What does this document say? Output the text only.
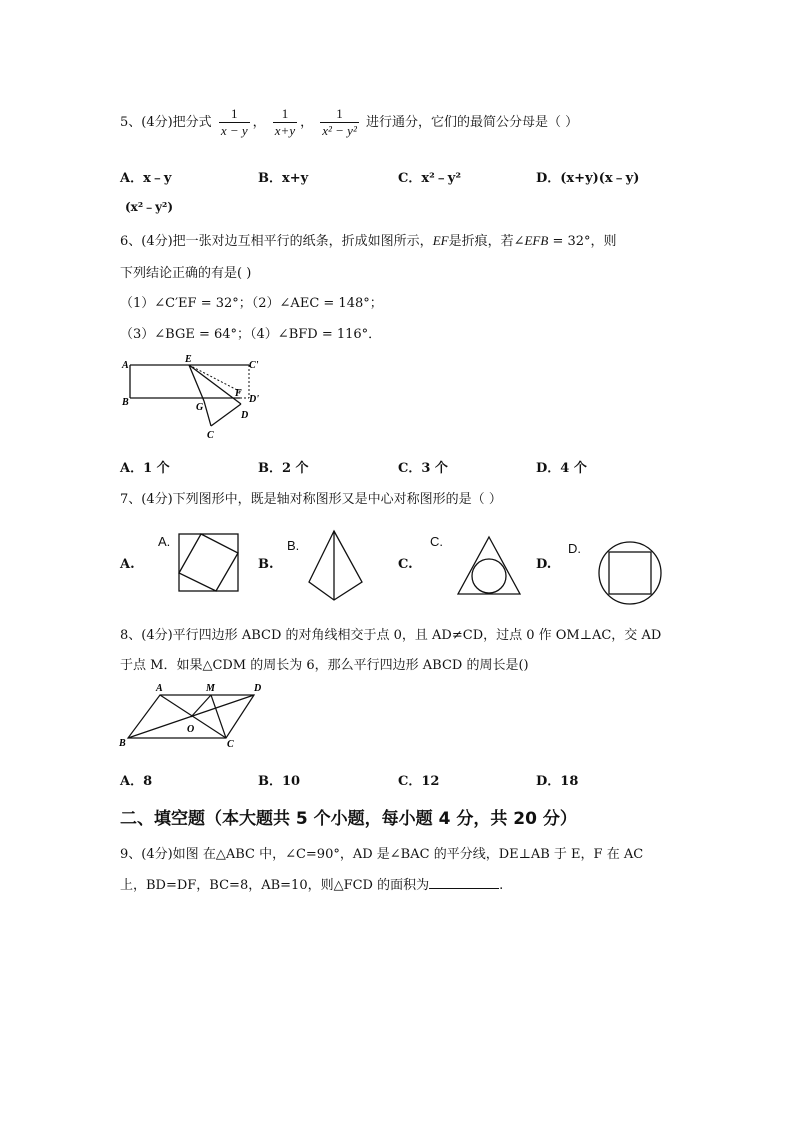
5、(4分)把分式 $\frac{1}{x - y}$ ， $\frac{1}{x+y}$ ， $\frac{1}{\text{x² − y²}}$ 进行通分，它们的最简公分母是（ ）
A．x﹣y	B．x+y	C．x²﹣y²	D．(x+y)(x﹣y)
(x²﹣y²)
6、(4分)把一张对边互相平行的纸条，折成如图所示，EF是折痕，若∠EFB = 32°，则
下列结论正确的有是( )
（1）∠C′EF = 32°；（2）∠AEC = 148°；
（3）∠BGE = 64°；（4）∠BFD = 116°．
A
E
C'
F
D'
B	G
D
C
A．1 个	B．2 个	C．3 个	D．4 个
7、(4分)下列图形中，既是轴对称图形又是中心对称图形的是（ ）
A.
A.
B.
B.
C.
C.
D.
D.
8、(4分)平行四边形 ABCD 的对角线相交于点 0，且 AD≠CD，过点 0 作 OM⊥AC，交 AD
于点 M．如果△CDM 的周长为 6，那么平行四边形 ABCD 的周长是()
A	M	D
O
B	C
A．8	B．10	C．12	D．18
二、填空题（本大题共 5 个小题，每小题 4 分，共 20 分）
9、(4分)如图 在△ABC 中，∠C=90°，AD 是∠BAC 的平分线，DE⊥AB 于 E，F 在 AC
上，BD=DF，BC=8，AB=10，则△FCD 的面积为	.
